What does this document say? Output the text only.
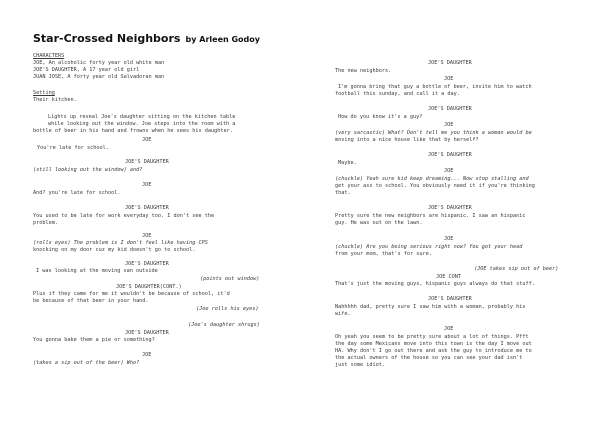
Star-Crossed Neighbors by Arleen Godoy
CHARACTERS
JOE, An alcoholic forty year old white man
JOE'S DAUGHTER, A 17 year old girl
JUAN JOSE, A forty year old Salvadoran man
Setting
Their kitchen.
Lights up reveal Joe's daughter sitting on the kitchen table
while looking out the window. Joe steps into the room with a
bottle of beer in his hand and frowns when he sees his daughter.
JOE
You're late for school.
JOE'S DAUGHTER
(still looking out the window) and?
JOE
And? you're late for school.
JOE'S DAUGHTER
You used to be late for work everyday too. I don't see the
problem.
JOE
(rolls eyes) The problem is I don't feel like having CPS
knocking on my door cuz my kid doesn't go to school.
JOE'S DAUGHTER
I was looking at the moving van outside
(points out window)
JOE'S DAUGHTER(CONT.)
Plus if they came for me it wouldn't be because of school, it'd
be because of that beer in your hand.
(Joe rolls his eyes)
(Joe's daughter shrugs)
JOE'S DAUGHTER
You gonna bake them a pie or something?
JOE
(takes a sip out of the beer) Who?
JOE'S DAUGHTER
The new neighbors.
JOE
I'm gonna bring that guy a bottle of beer, invite him to watch
football this sunday, and call it a day.
JOE'S DAUGHTER
How do you know it's a guy?
JOE
(very sarcastic) What? Don't tell me you think a woman would be
moving into a nice house like that by herself?
JOE'S DAUGHTER
Maybe.
JOE
(chuckle) Yeah sure kid keep dreaming... Now stop stalling and
get your ass to school. You obviously need it if you're thinking
that.
JOE'S DAUGHTER
Pretty sure the new neighbors are hispanic. I saw an hispanic
guy. He was out on the lawn.
JOE
(chuckle) Are you being serious right now? You got your head
from your mom, that's for sure.
(JOE takes sip out of beer)
JOE CONT
That's just the moving guys, hispanic guys always do that stuff.
JOE'S DAUGHTER
Nahhhhh dad, pretty sure I saw him with a woman, probably his
wife.
JOE
Oh yeah you seem to be pretty sure about a lot of things. Pfft
the day some Mexicans move into this town is the day I move out
HA. Why don't I go out there and ask the guy to introduce me to
the actual owners of the house so you can see your dad isn't
just some idiot.
